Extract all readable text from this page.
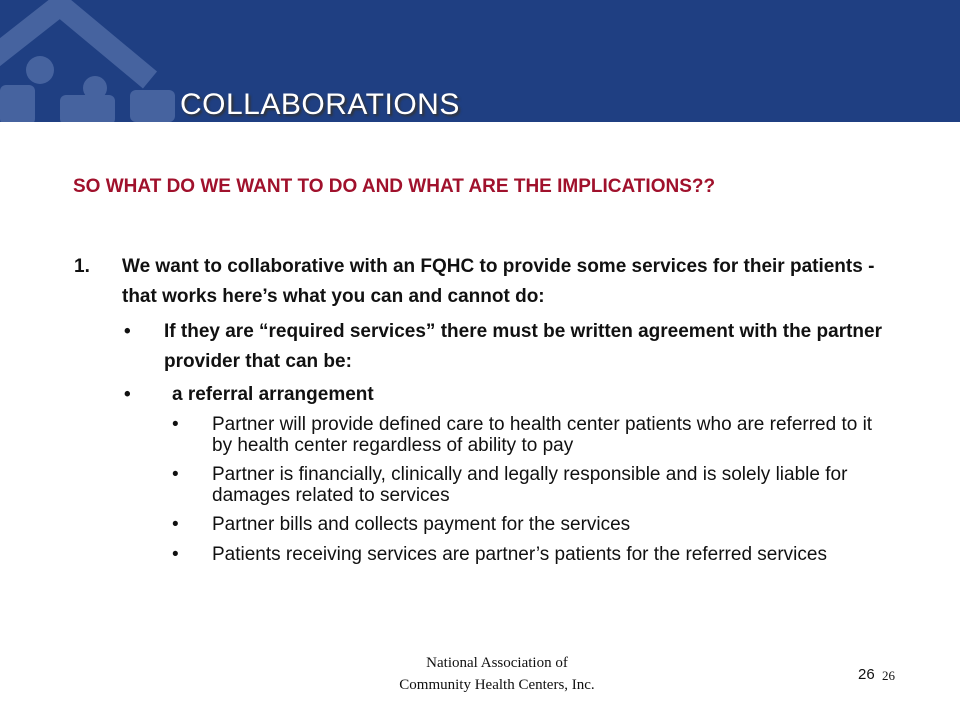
COLLABORATIONS
SO WHAT DO WE WANT TO DO AND WHAT ARE THE IMPLICATIONS??
1. We want to collaborative with an FQHC to provide some services for their patients - that works here’s what you can and cannot do:
• If they are “required services” there must be written agreement with the partner provider that can be:
• a referral arrangement
• Partner will provide defined care to health center patients who are referred to it by health center regardless of ability to pay
• Partner is financially, clinically and legally responsible and is solely liable for damages related to services
• Partner bills and collects payment for the services
• Patients receiving services are partner’s patients for the referred services
National Association of Community Health Centers, Inc.
26 26
